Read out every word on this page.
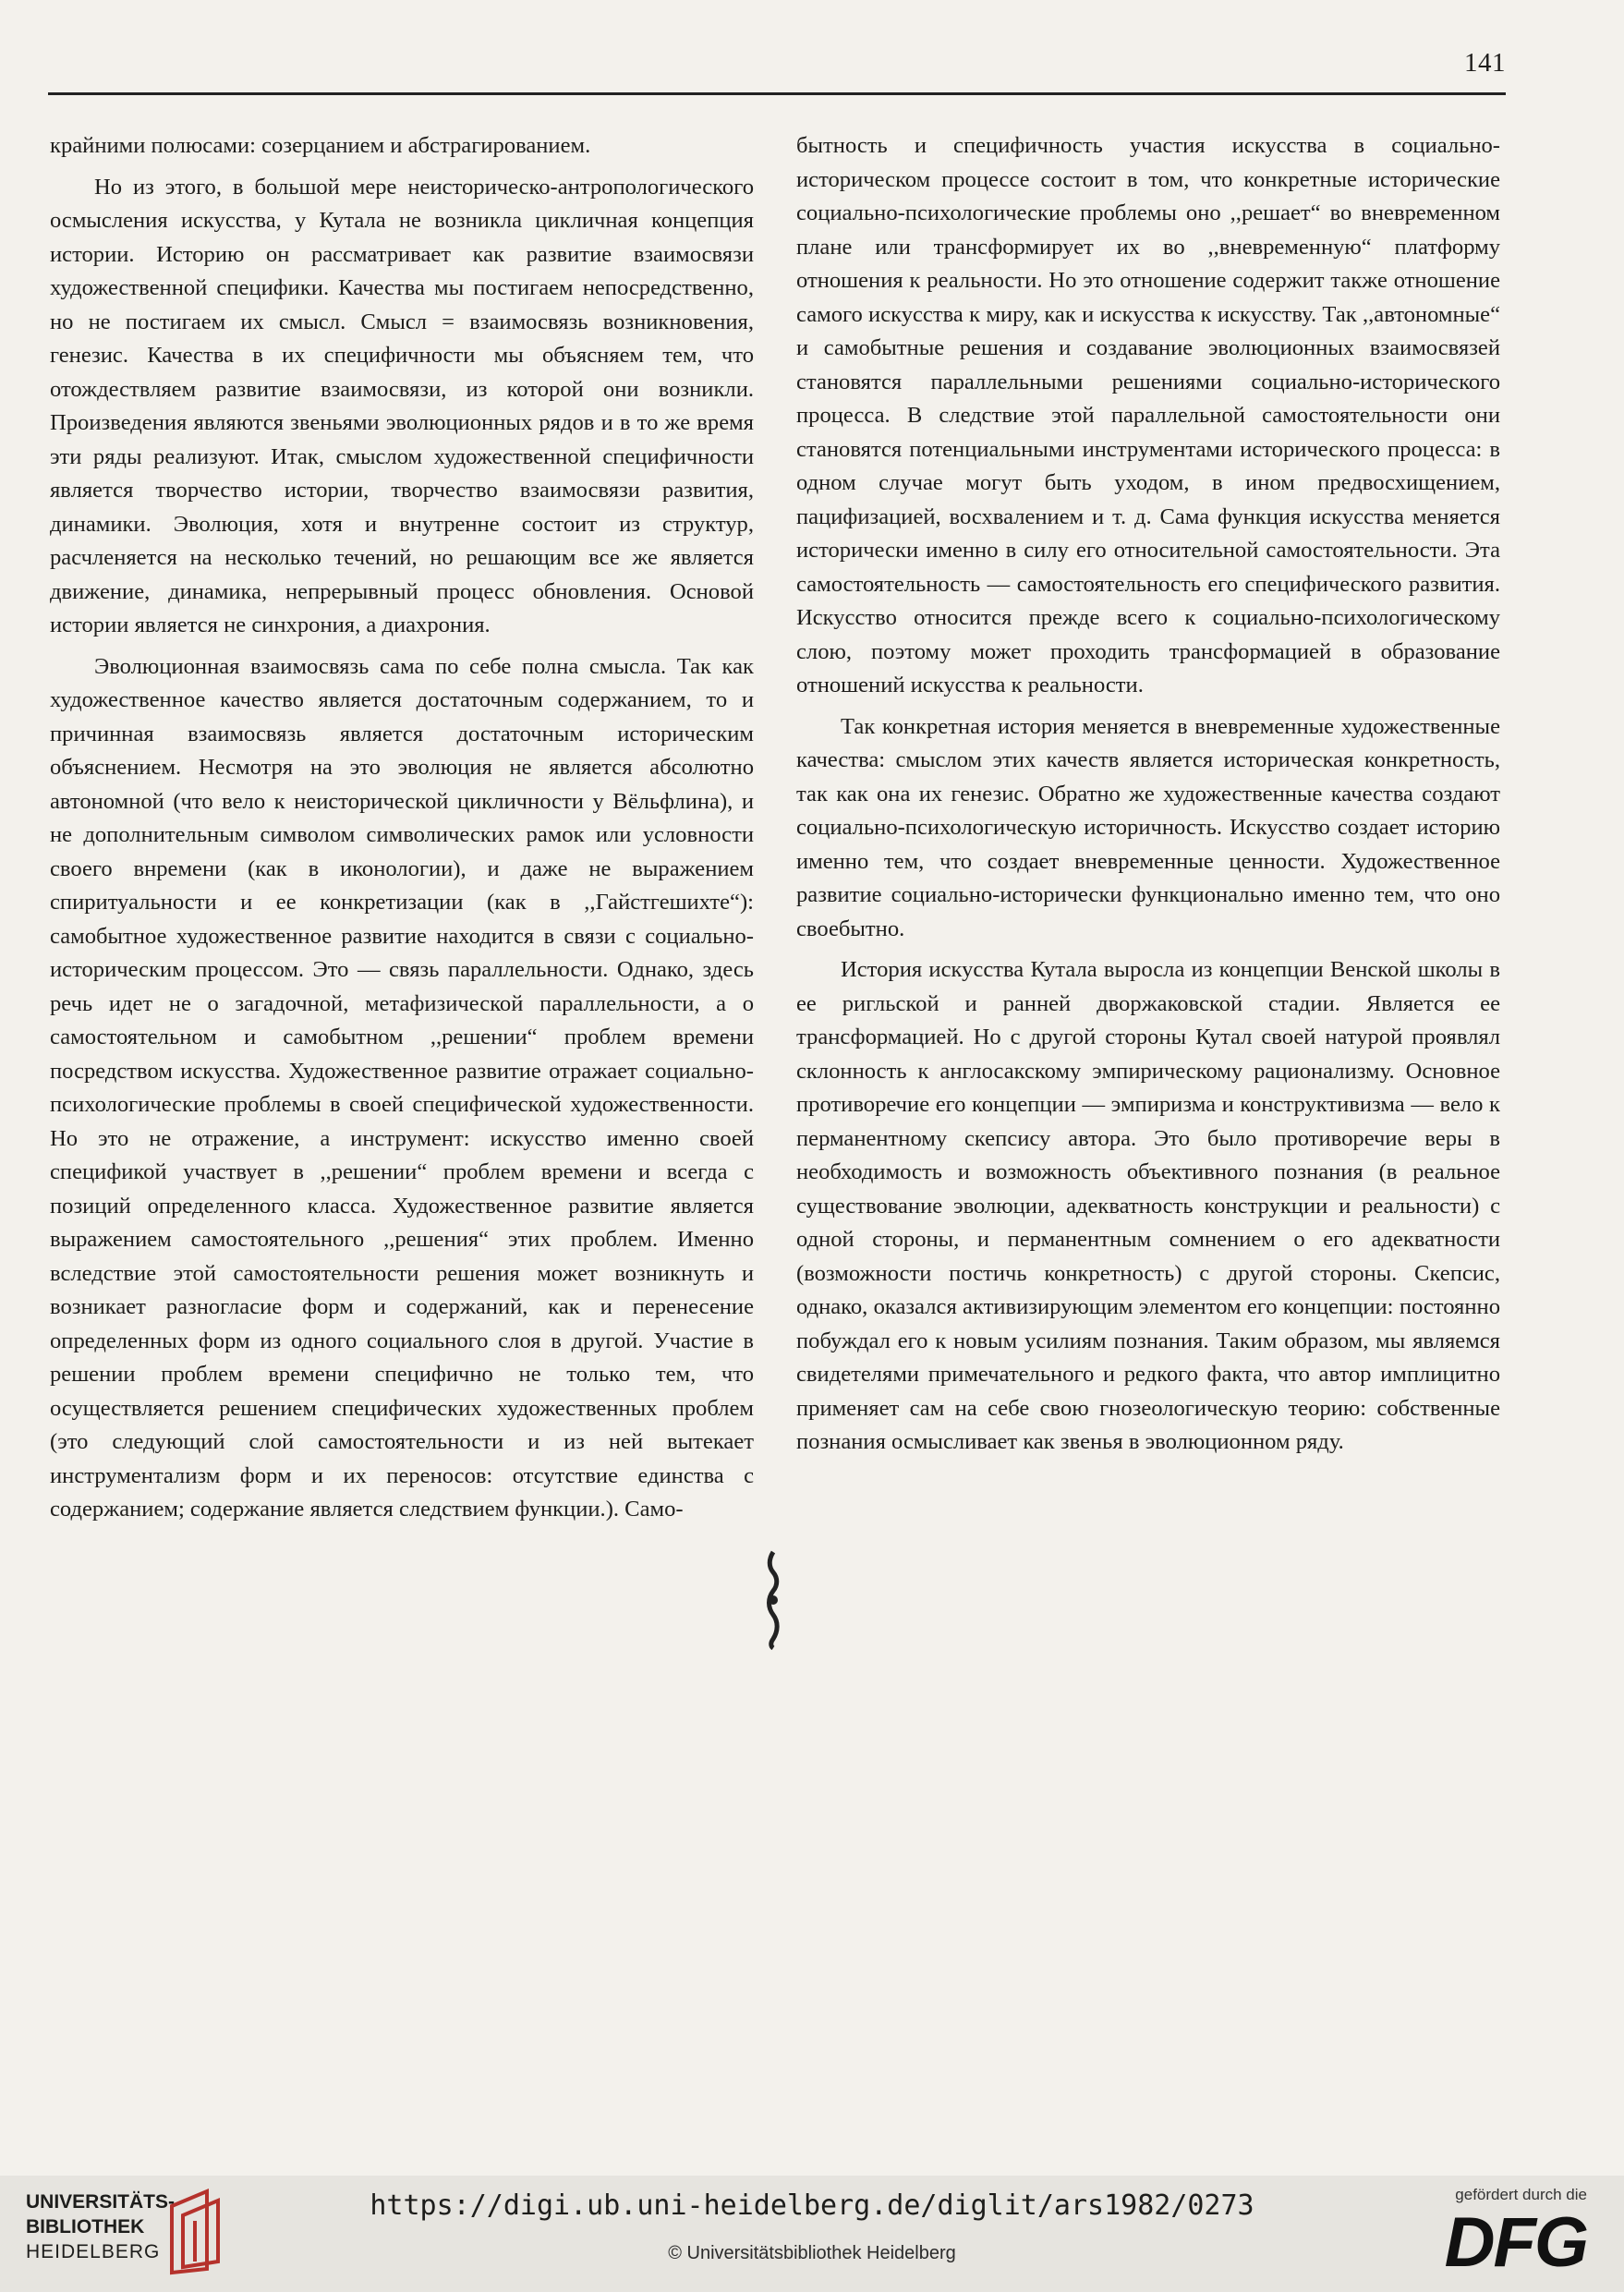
141

крайними полюсами: созерцанием и абстрагированием.

Но из этого, в большой мере неисторическо-антропологического осмысления искусства, у Кутала не возникла цикличная концепция истории. Историю он рассматривает как развитие взаимосвязи художественной специфики. Качества мы постигаем непосредственно, но не постигаем их смысл. Смысл = взаимосвязь возникновения, генезис. Качества в их специфичности мы объясняем тем, что отождествляем развитие взаимосвязи, из которой они возникли. Произведения являются звеньями эволюционных рядов и в то же время эти ряды реализуют. Итак, смыслом художественной специфичности является творчество истории, творчество взаимосвязи развития, динамики. Эволюция, хотя и внутренне состоит из структур, расчленяется на несколько течений, но решающим все же является движение, динамика, непрерывный процесс обновления. Основой истории является не синхрония, а диахрония.

Эволюционная взаимосвязь сама по себе полна смысла. Так как художественное качество является достаточным содержанием, то и причинная взаимосвязь является достаточным историческим объяснением. Несмотря на это эволюция не является абсолютно автономной (что вело к неисторической цикличности у Вёльфлина), и не дополнительным символом символических рамок или условности своего внремени (как в иконологии), и даже не выражением спиритуальности и ее конкретизации (как в ,,Гайстгешихте“): самобытное художественное развитие находится в связи с социально-историческим процессом. Это — связь параллельности. Однако, здесь речь идет не о загадочной, метафизической параллельности, а о самостоятельном и самобытном ,,решении“ проблем времени посредством искусства. Художественное развитие отражает социально-психологические проблемы в своей специфической художественности. Но это не отражение, а инструмент: искусство именно своей спецификой участвует в ,,решении“ проблем времени и всегда с позиций определенного класса. Художественное развитие является выражением самостоятельного ,,решения“ этих проблем. Именно вследствие этой самостоятельности решения может возникнуть и возникает разногласие форм и содержаний, как и перенесение определенных форм из одного социального слоя в другой. Участие в решении проблем времени специфично не только тем, что осуществляется решением специфических художественных проблем (это следующий слой самостоятельности и из ней вытекает инструментализм форм и их переносов: отсутствие единства с содержанием; содержание является следствием функции.). Само-

бытность и специфичность участия искусства в социально-историческом процессе состоит в том, что конкретные исторические социально-психологические проблемы оно ,,решает“ во вневременном плане или трансформирует их во ,,вневременную“ платформу отношения к реальности. Но это отношение содержит также отношение самого искусства к миру, как и искусства к искусству. Так ,,автономные“ и самобытные решения и создавание эволюционных взаимосвязей становятся параллельными решениями социально-исторического процесса. В следствие этой параллельной самостоятельности они становятся потенциальными инструментами исторического процесса: в одном случае могут быть уходом, в ином предвосхищением, пацифизацией, восхвалением и т. д. Сама функция искусства меняется исторически именно в силу его относительной самостоятельности. Эта самостоятельность — самостоятельность его специфического развития. Искусство относится прежде всего к социально-психологическому слою, поэтому может проходить трансформацией в образование отношений искусства к реальности.

Так конкретная история меняется в вневременные художественные качества: смыслом этих качеств является историческая конкретность, так как она их генезис. Обратно же художественные качества создают социально-психологическую историчность. Искусство создает историю именно тем, что создает вневременные ценности. Художественное развитие социально-исторически функционально именно тем, что оно своебытно.

История искусства Кутала выросла из концепции Венской школы в ее ригльской и ранней дворжаковской стадии. Является ее трансформацией. Но с другой стороны Кутал своей натурой проявлял склонность к англосакскому эмпирическому рационализму. Основное противоречие его концепции — эмпиризма и конструктивизма — вело к перманентному скепсису автора. Это было противоречие веры в необходимость и возможность объективного познания (в реальное существование эволюции, адекватность конструкции и реальности) с одной стороны, и перманентным сомнением о его адекватности (возможности постичь конкретность) с другой стороны. Скепсис, однако, оказался активизирующим элементом его концепции: постоянно побуждал его к новым усилиям познания. Таким образом, мы являемся свидетелями примечательного и редкого факта, что автор имплицитно применяет сам на себе свою гнозеологическую теорию: собственные познания осмысливает как звенья в эволюционном ряду.

UNIVERSITÄTS-
BIBLIOTHEK
HEIDELBERG
https://digi.ub.uni-heidelberg.de/diglit/ars1982/0273
© Universitätsbibliothek Heidelberg
gefördert durch die
DFG
